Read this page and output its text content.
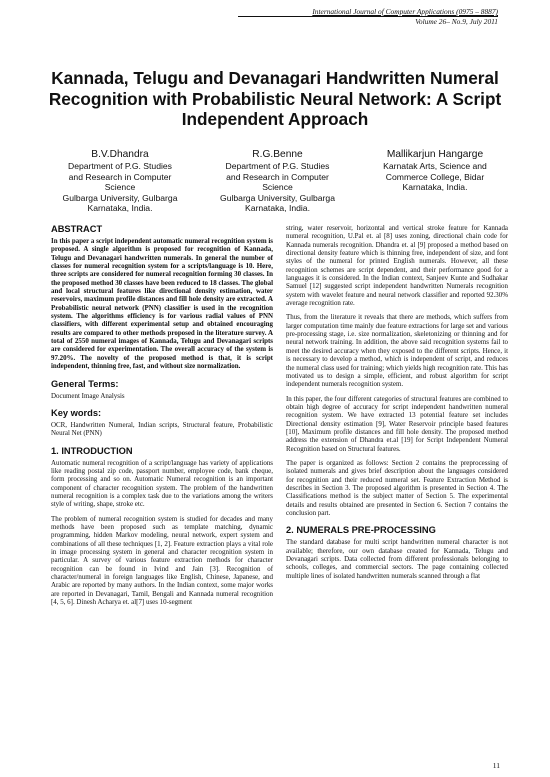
International Journal of Computer Applications (0975 – 8887)
Volume 26– No.9, July 2011
Kannada, Telugu and Devanagari Handwritten Numeral Recognition with Probabilistic Neural Network: A Script Independent Approach
B.V.Dhandra
Department of P.G. Studies
and Research in Computer
Science
Gulbarga University, Gulbarga
Karnataka, India.
R.G.Benne
Department of P.G. Studies
and Research in Computer
Science
Gulbarga University, Gulbarga
Karnataka, India.
Mallikarjun Hangarge
Karnatak Arts, Science and
Commerce College, Bidar
Karnataka, India.
ABSTRACT

In this paper a script independent automatic numeral recognition system is proposed. A single algorithm is proposed for recognition of Kannada, Telugu and Devanagari handwritten numerals. In general the number of classes for numeral recognition system for a scripts/language is 10. Here, three scripts are considered for numeral recognition forming 30 classes. In the proposed method 30 classes have been reduced to 18 classes. The global and local structural features like directional density estimation, water reservoirs, maximum profile distances and fill hole density are extracted. A Probabilistic neural network (PNN) classifier is used in the recognition system. The algorithms efficiency is for various radial values of PNN classifiers, with different experimental setup and obtained encouraging results are compared to other methods proposed in the literature survey. A total of 2550 numeral images of Kannada, Telugu and Devanagari scripts are considered for experimentation. The overall accuracy of the system is 97.20%. The novelty of the proposed method is that, it is script independent, thinning free, fast, and without size normalization.

General Terms:

Document Image Analysis

Key words:

OCR, Handwritten Numeral, Indian scripts, Structural feature, Probabilistic Neural Net (PNN)

1. INTRODUCTION

Automatic numeral recognition of a script/language has variety of applications like reading postal zip code, passport number, employee code, bank cheque, form processing and so on. Automatic Numeral recognition is an important component of character recognition system. The problem of the handwritten numeral recognition is a complex task due to the variations among the writers style of writing, shape, stroke etc.

The problem of numeral recognition system is studied for decades and many methods have been proposed such as template matching, dynamic programming, hidden Markov modeling, neural network, expert system and combinations of all these techniques [1, 2]. Feature extraction plays a vital role in image processing system in general and character recognition system in particular. A survey of various feature extraction methods for character recognition can be found in Ivind and Jain [3]. Recognition of character/numeral in foreign languages like English, Chinese, Japanese, and Arabic are reported by many authors. In the Indian context, some major works are reported in Devanagari, Tamil, Bengali and Kannada numeral recognition [4, 5, 6]. Dinesh Acharya et. al[7] uses 10-segment

string, water reservoir, horizontal and vertical stroke feature for Kannada numeral recognition, U.Pal et. al [8] uses zoning, directional chain code for Kannada numerals recognition. Dhandra et. al [9] proposed a method based on directional density feature which is thinning free, independent of size, and font styles of the numeral for printed English numerals. However, all these recognition schemes are script dependent, and their performance good for a languages it is considered. In the Indian context, Sanjeev Kunte and Sudhakar Samuel [12] suggested script independent handwritten Numerals recognition system with wavelet feature and neural network classifier and reported 92.30% average recognition rate.

Thus, from the literature it reveals that there are methods, which suffers from larger computation time mainly due feature extractions for large set and various pre-processing stage, i.e. size normalization, skeletonizing or thinning and for neural network training. In addition, the above said recognition systems fail to meet the desired accuracy when they exposed to the different scripts. Hence, it is necessary to develop a method, which is independent of script, and reduces the numeral class used for training; which yields high recognition rate. This has motivated us to design a simple, efficient, and robust algorithm for script independent numerals recognition system.

In this paper, the four different categories of structural features are combined to obtain high degree of accuracy for script independent handwritten numeral recognition system. We have extracted 13 potential feature set includes Directional density estimation [9], Water Reservoir principle based features [10], Maximum profile distances and fill hole density. The proposed method address the extension of Dhandra et.al [19] for Script Independent Numeral Recognition based on Structural features.

The paper is organized as follows: Section 2 contains the preprocessing of isolated numerals and gives brief description about the languages considered for recognition and their reduced numeral set. Feature Extraction Method is describes in Section 3. The proposed algorithm is presented in Section 4. The Classifications method is the subject matter of Section 5. The experimental details and results obtained are presented in Section 6. Section 7 contains the conclusion part.

2. NUMERALS PRE-PROCESSING

The standard database for multi script handwritten numeral character is not available; therefore, our own database created for Kannada, Telugu and Devanagari scripts. Data collected from different professionals belonging to schools, colleges, and commercial sectors. The page containing collected multiple lines of isolated handwritten numerals scanned through a flat

11
